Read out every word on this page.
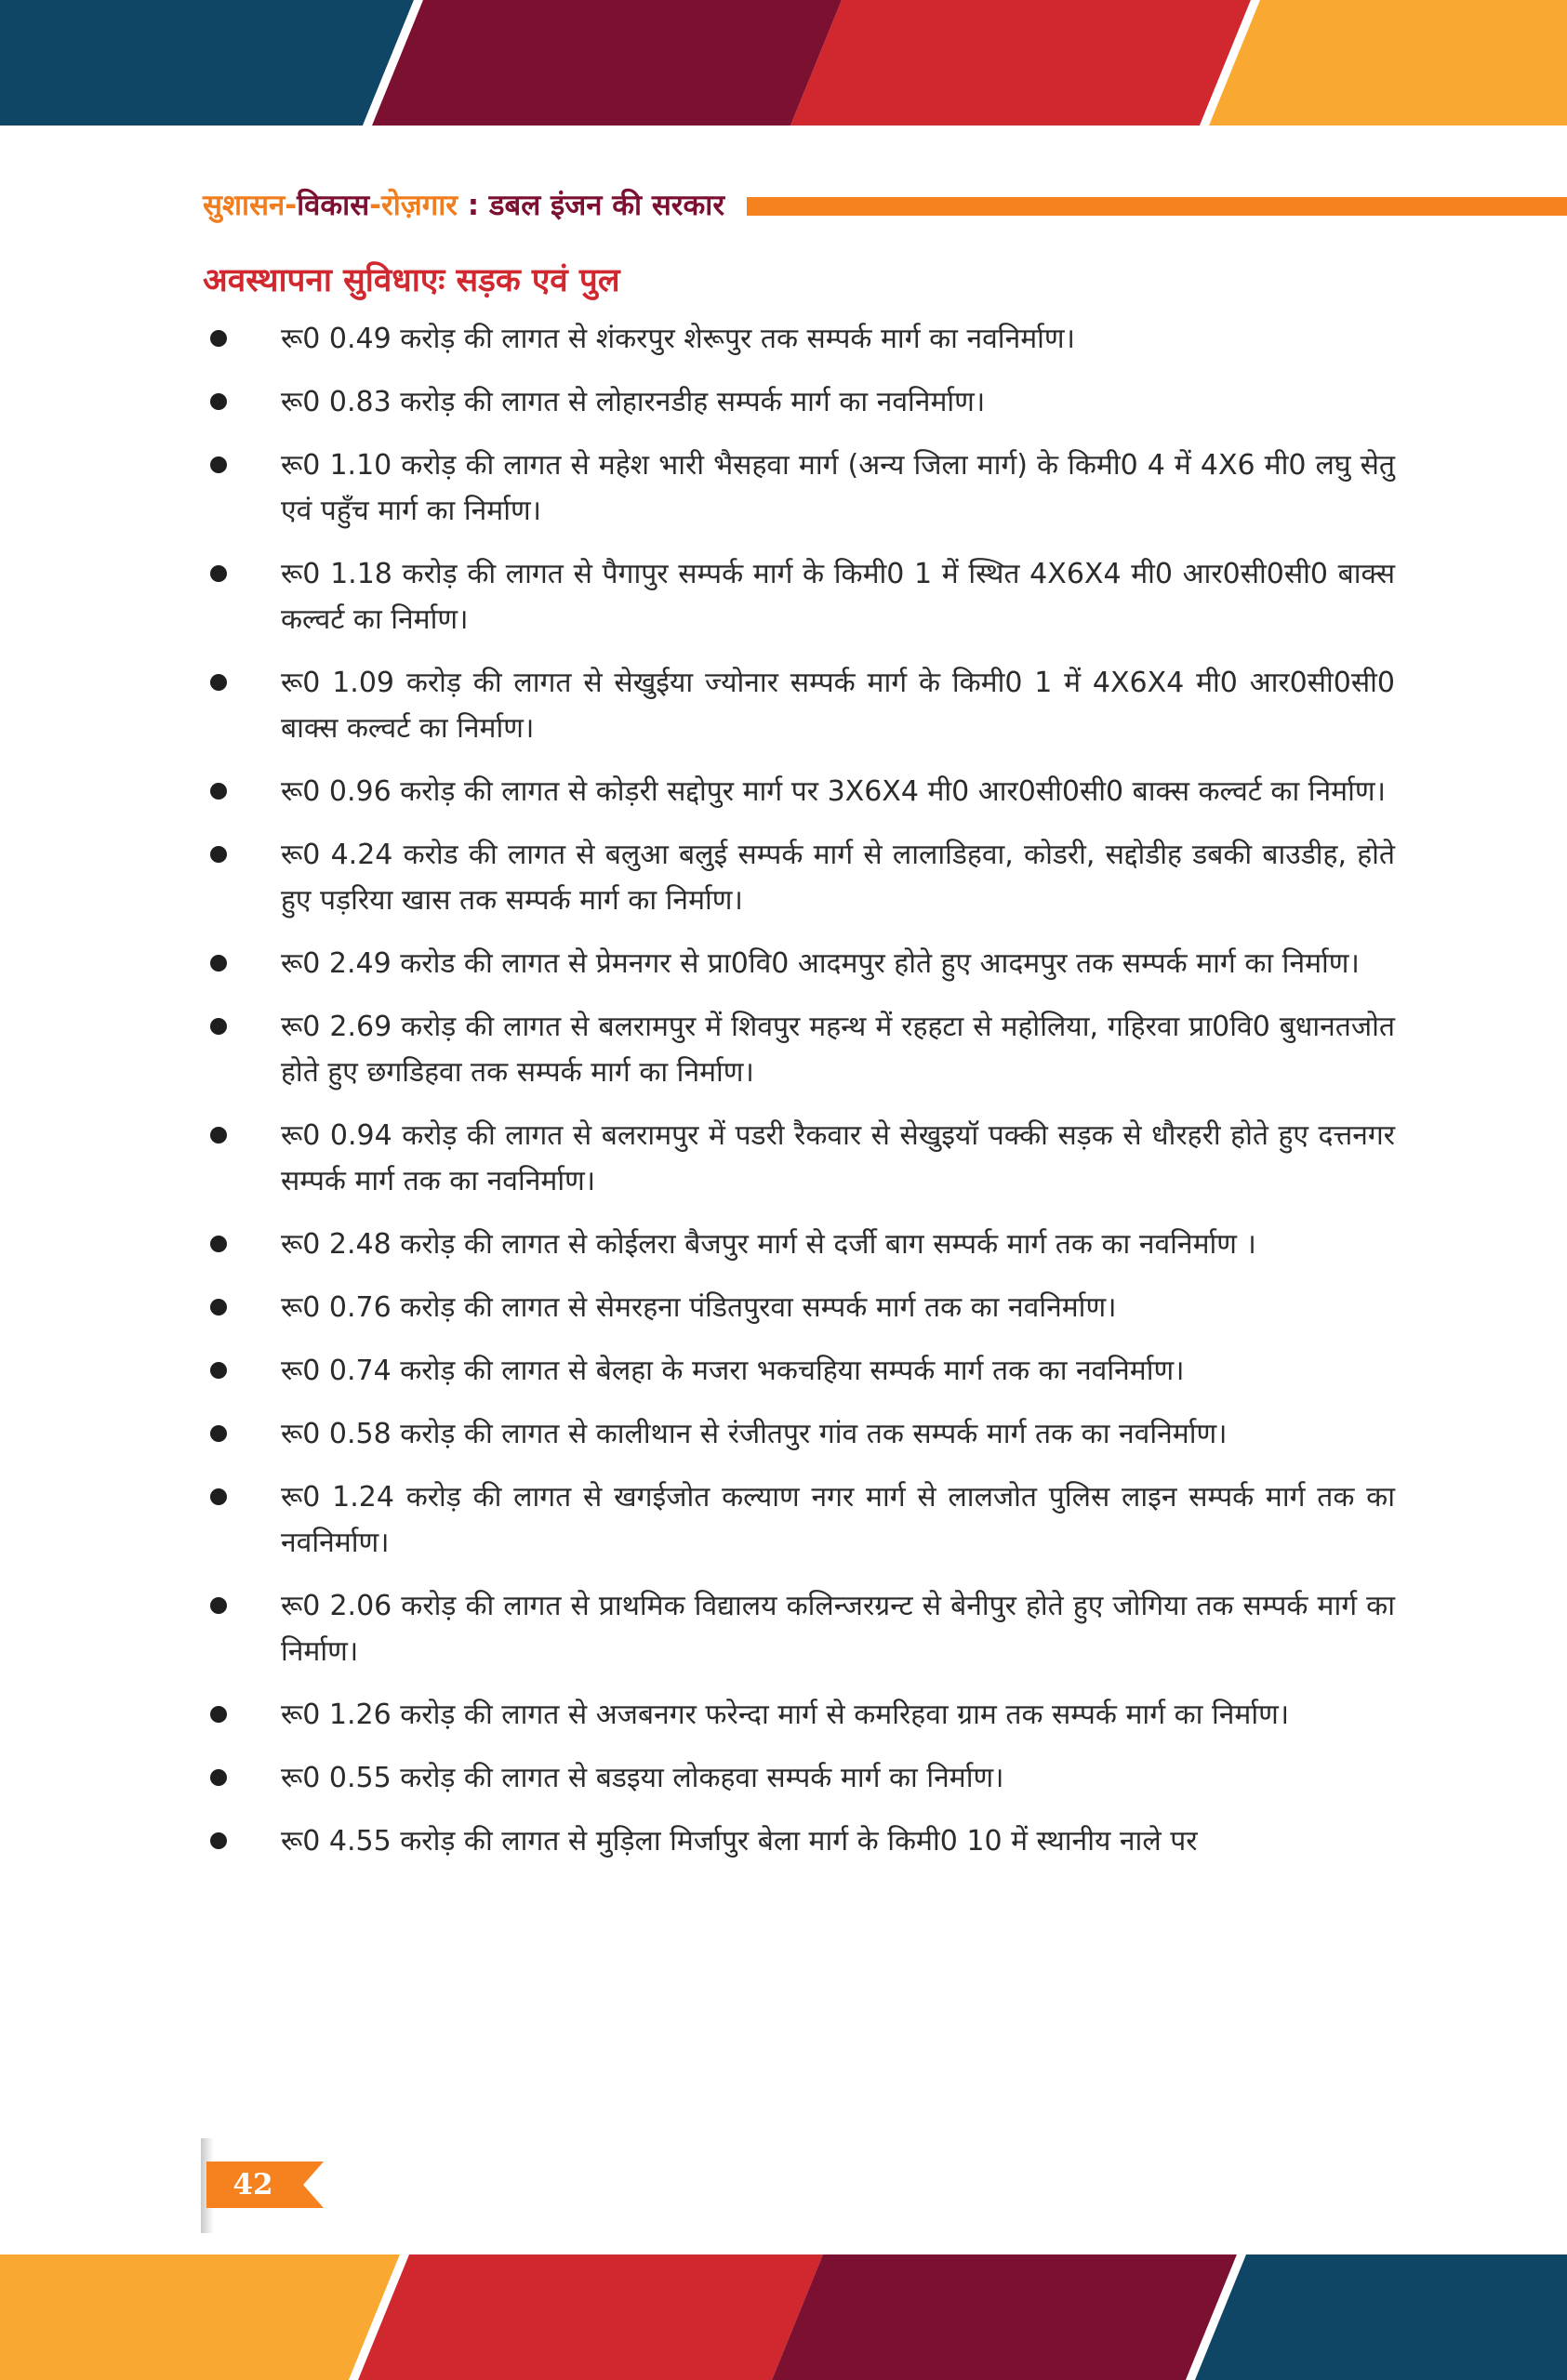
सुशासन-विकास-रोज़गार : डबल इंजन की सरकार
अवस्थापना सुविधाएः सड़क एवं पुल
रू0 0.49 करोड़ की लागत से शंकरपुर शेरूपुर तक सम्पर्क मार्ग का नवनिर्माण।
रू0 0.83 करोड़ की लागत से लोहारनडीह सम्पर्क मार्ग का नवनिर्माण।
रू0 1.10 करोड़ की लागत से महेश भारी भैसहवा मार्ग (अन्य जिला मार्ग) के किमी0 4 में 4X6 मी0 लघु सेतु एवं पहुँच मार्ग का निर्माण।
रू0 1.18 करोड़ की लागत से पैगापुर सम्पर्क मार्ग के किमी0 1 में स्थित 4X6X4 मी0 आर0सी0सी0 बाक्स कल्वर्ट का निर्माण।
रू0 1.09 करोड़ की लागत से सेखुईया ज्योनार सम्पर्क मार्ग के किमी0 1 में 4X6X4 मी0 आर0सी0सी0 बाक्स कल्वर्ट का निर्माण।
रू0 0.96 करोड़ की लागत से कोड़री सद्दोपुर मार्ग पर 3X6X4 मी0 आर0सी0सी0 बाक्स कल्वर्ट का निर्माण।
रू0 4.24 करोड की लागत से बलुआ बलुई सम्पर्क मार्ग से लालाडिहवा, कोडरी, सद्दोडीह डबकी बाउडीह, होते हुए पड़रिया खास तक सम्पर्क मार्ग का निर्माण।
रू0 2.49 करोड की लागत से प्रेमनगर से प्रा0वि0 आदमपुर होते हुए आदमपुर तक सम्पर्क मार्ग का निर्माण।
रू0 2.69 करोड़ की लागत से बलरामपुर में शिवपुर महन्थ में रहहटा से महोलिया, गहिरवा प्रा0वि0 बुधानतजोत होते हुए छगडिहवा तक सम्पर्क मार्ग का निर्माण।
रू0 0.94 करोड़ की लागत से बलरामपुर में पडरी रैकवार से सेखुइयॉ पक्की सड़क से धौरहरी होते हुए दत्तनगर सम्पर्क मार्ग तक का नवनिर्माण।
रू0 2.48 करोड़ की लागत से कोईलरा बैजपुर मार्ग से दर्जी बाग सम्पर्क मार्ग तक का नवनिर्माण ।
रू0 0.76 करोड़ की लागत से सेमरहना पंडितपुरवा सम्पर्क मार्ग तक का नवनिर्माण।
रू0 0.74 करोड़ की लागत से बेलहा के मजरा भकचहिया सम्पर्क मार्ग तक का नवनिर्माण।
रू0 0.58 करोड़ की लागत से कालीथान से रंजीतपुर गांव तक सम्पर्क मार्ग तक का नवनिर्माण।
रू0 1.24 करोड़ की लागत से खगईजोत कल्याण नगर मार्ग से लालजोत पुलिस लाइन सम्पर्क मार्ग तक का नवनिर्माण।
रू0 2.06 करोड़ की लागत से प्राथमिक विद्यालय कलिन्जरग्रन्ट से बेनीपुर होते हुए जोगिया तक सम्पर्क मार्ग का निर्माण।
रू0 1.26 करोड़ की लागत से अजबनगर फरेन्दा मार्ग से कमरिहवा ग्राम तक सम्पर्क मार्ग का निर्माण।
रू0 0.55 करोड़ की लागत से बडइया लोकहवा सम्पर्क मार्ग का निर्माण।
रू0 4.55 करोड़ की लागत से मुड़िला मिर्जापुर बेला मार्ग के किमी0 10 में स्थानीय नाले पर
42
